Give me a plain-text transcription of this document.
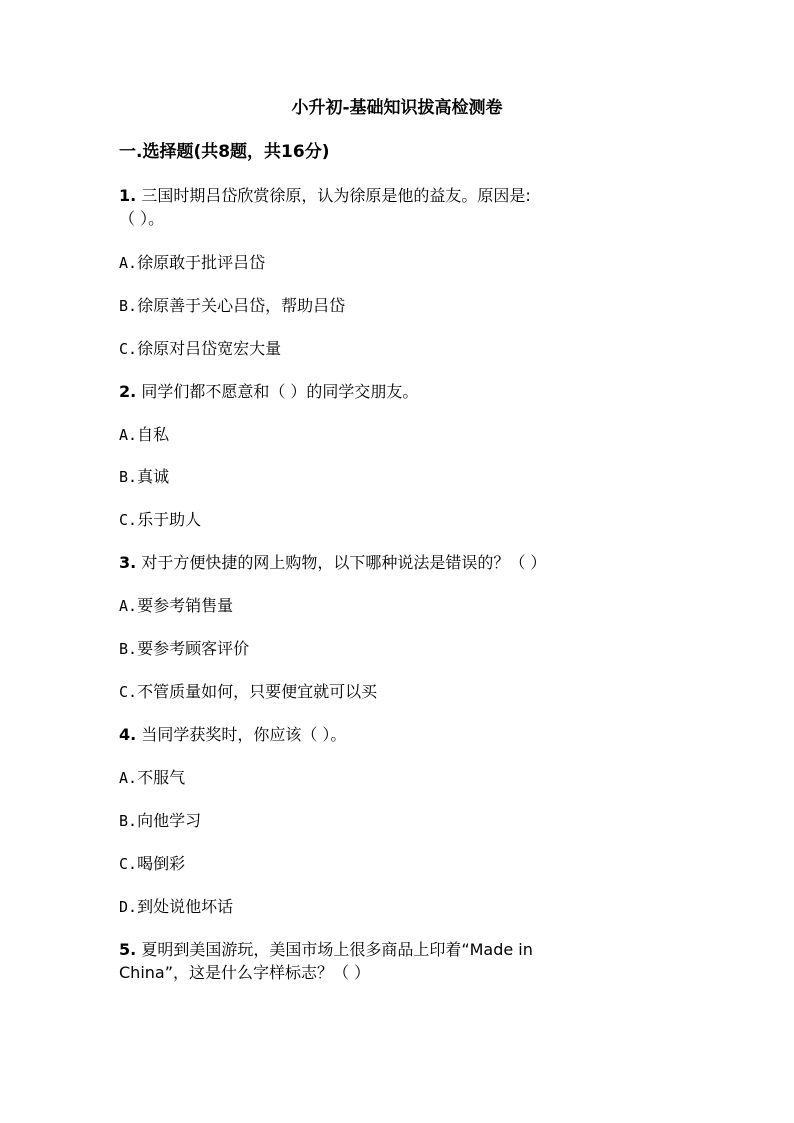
小升初-基础知识拔高检测卷
一.选择题(共8题，共16分)
1. 三国时期吕岱欣赏徐原，认为徐原是他的益友。原因是:
（ ）。
A.徐原敢于批评吕岱
B.徐原善于关心吕岱，帮助吕岱
C.徐原对吕岱宽宏大量
2. 同学们都不愿意和（ ）的同学交朋友。
A.自私
B.真诚
C.乐于助人
3. 对于方便快捷的网上购物，以下哪种说法是错误的？（ ）
A.要参考销售量
B.要参考顾客评价
C.不管质量如何，只要便宜就可以买
4. 当同学获奖时，你应该（ ）。
A.不服气
B.向他学习
C.喝倒彩
D.到处说他坏话
5. 夏明到美国游玩，美国市场上很多商品上印着“Made in
China”，这是什么字样标志？（ ）
